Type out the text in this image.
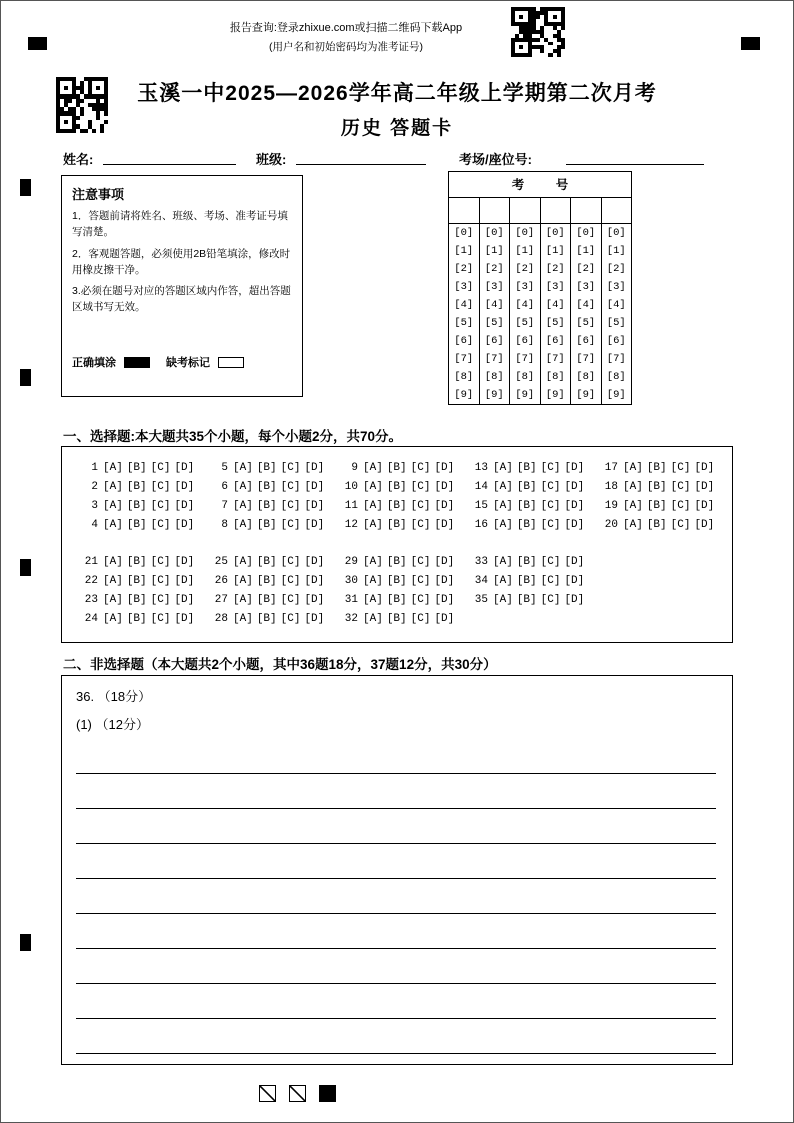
报告查询:登录zhixue.com或扫描二维码下载App
(用户名和初始密码均为准考证号)
玉溪一中2025—2026学年高二年级上学期第二次月考
历史 答题卡
姓名:	班级:	考场/座位号:
注意事项
1．答题前请将姓名、班级、考场、准考证号填写清楚。
2．客观题答题，必须使用2B铅笔填涂，修改时用橡皮擦干净。
3.必须在题号对应的答题区域内作答，超出答题区域书写无效。
正确填涂	缺考标记
考 号
[0]	[0]	[0]	[0]	[0]	[0]
[1]	[1]	[1]	[1]	[1]	[1]
[2]	[2]	[2]	[2]	[2]	[2]
[3]	[3]	[3]	[3]	[3]	[3]
[4]	[4]	[4]	[4]	[4]	[4]
[5]	[5]	[5]	[5]	[5]	[5]
[6]	[6]	[6]	[6]	[6]	[6]
[7]	[7]	[7]	[7]	[7]	[7]
[8]	[8]	[8]	[8]	[8]	[8]
[9]	[9]	[9]	[9]	[9]	[9]
一、选择题:本大题共35个小题，每个小题2分，共70分。
1 [A] [B] [C] [D]	5 [A] [B] [C] [D]	9 [A] [B] [C] [D]	13 [A] [B] [C] [D]	17 [A] [B] [C] [D]
2 [A] [B] [C] [D]	6 [A] [B] [C] [D]	10 [A] [B] [C] [D]	14 [A] [B] [C] [D]	18 [A] [B] [C] [D]
3 [A] [B] [C] [D]	7 [A] [B] [C] [D]	11 [A] [B] [C] [D]	15 [A] [B] [C] [D]	19 [A] [B] [C] [D]
4 [A] [B] [C] [D]	8 [A] [B] [C] [D]	12 [A] [B] [C] [D]	16 [A] [B] [C] [D]	20 [A] [B] [C] [D]
21 [A] [B] [C] [D]	25 [A] [B] [C] [D]	29 [A] [B] [C] [D]	33 [A] [B] [C] [D]
22 [A] [B] [C] [D]	26 [A] [B] [C] [D]	30 [A] [B] [C] [D]	34 [A] [B] [C] [D]
23 [A] [B] [C] [D]	27 [A] [B] [C] [D]	31 [A] [B] [C] [D]	35 [A] [B] [C] [D]
24 [A] [B] [C] [D]	28 [A] [B] [C] [D]	32 [A] [B] [C] [D]
二、非选择题（本大题共2个小题，其中36题18分，37题12分，共30分）
36. （18分）
(1) （12分）
